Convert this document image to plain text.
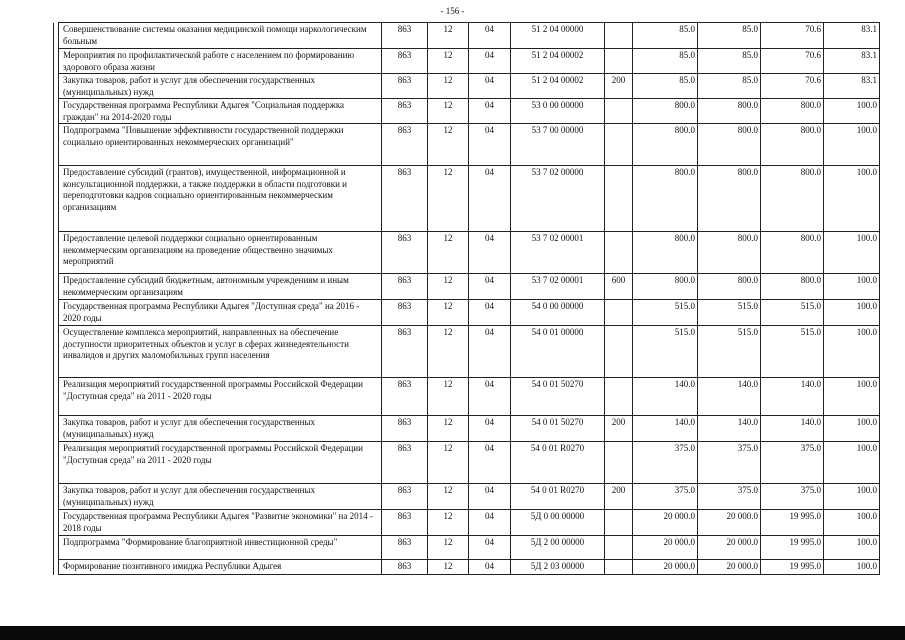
- 156 -
	Совершенствование системы оказания медицинской помощи наркологическим больным	863	12	04	51 2 04 00000		85.0	85.0	70.6	83.1
	Мероприятия по профилактической работе с населением по формированию здорового образа жизни	863	12	04	51 2 04 00002		85.0	85.0	70.6	83.1
	Закупка товаров, работ и услуг для обеспечения государственных (муниципальных) нужд	863	12	04	51 2 04 00002	200	85.0	85.0	70.6	83.1
	Государственная программа Республики Адыгея "Социальная поддержка граждан" на 2014-2020 годы	863	12	04	53 0 00 00000		800.0	800.0	800.0	100.0
	Подпрограмма "Повышение эффективности государственной поддержки социально ориентированных некоммерческих организаций"	863	12	04	53 7 00 00000		800.0	800.0	800.0	100.0
	Предоставление субсидий (грантов), имущественной, информационной и консультационной поддержки, а также поддержки в области подготовки и переподготовки кадров социально ориентированным некоммерческим организациям	863	12	04	53 7 02 00000		800.0	800.0	800.0	100.0
	Предоставление целевой поддержки социально ориентированным некоммерческим организациям на проведение общественно значимых мероприятий	863	12	04	53 7 02 00001		800.0	800.0	800.0	100.0
	Предоставление субсидий бюджетным, автономным учреждениям и иным некоммерческим организациям	863	12	04	53 7 02 00001	600	800.0	800.0	800.0	100.0
	Государственная программа Республики Адыгея "Доступная среда" на 2016 - 2020 годы	863	12	04	54 0 00 00000		515.0	515.0	515.0	100.0
	Осуществление комплекса мероприятий, направленных на обеспечение доступности приоритетных объектов и услуг в сферах жизнедеятельности инвалидов и других маломобильных групп населения	863	12	04	54 0 01 00000		515.0	515.0	515.0	100.0
	Реализация мероприятий государственной программы Российской Федерации "Доступная среда" на 2011 - 2020 годы	863	12	04	54 0 01 50270		140.0	140.0	140.0	100.0
	Закупка товаров, работ и услуг для обеспечения государственных (муниципальных) нужд	863	12	04	54 0 01 50270	200	140.0	140.0	140.0	100.0
	Реализация мероприятий государственной программы Российской Федерации "Доступная среда" на 2011 - 2020 годы	863	12	04	54 0 01 R0270		375.0	375.0	375.0	100.0
	Закупка товаров, работ и услуг для обеспечения государственных (муниципальных) нужд	863	12	04	54 0 01 R0270	200	375.0	375.0	375.0	100.0
	Государственная программа Республики Адыгея "Развитие экономики" на 2014 - 2018 годы	863	12	04	5Д 0 00 00000		20 000.0	20 000.0	19 995.0	100.0
	Подпрограмма "Формирование благоприятной инвестиционной среды"	863	12	04	5Д 2 00 00000		20 000.0	20 000.0	19 995.0	100.0
	Формирование позитивного имиджа Республики Адыгея	863	12	04	5Д 2 03 00000		20 000.0	20 000.0	19 995.0	100.0
